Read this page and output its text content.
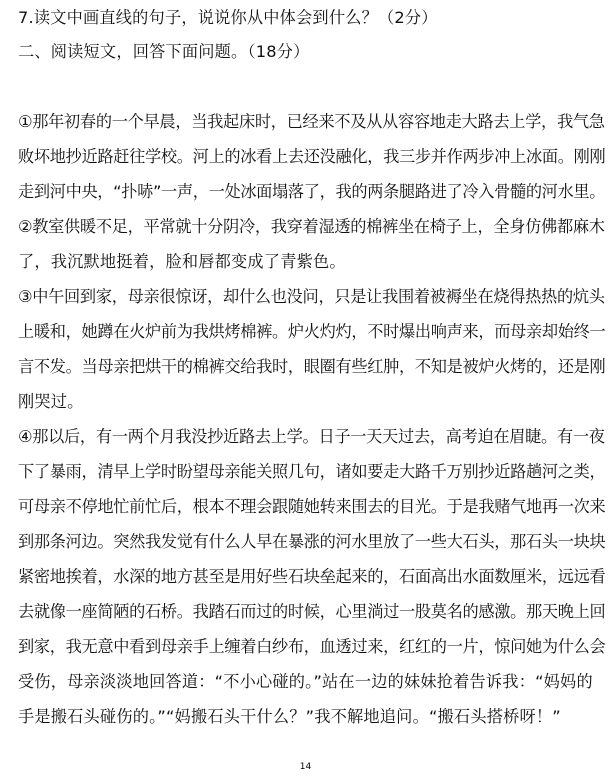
7.读文中画直线的句子，说说你从中体会到什么？（2分）
二、阅读短文，回答下面问题。（18分）
①那年初春的一个早晨，当我起床时，已经来不及从从容容地走大路去上学，我气急
败坏地抄近路赶往学校。河上的冰看上去还没融化，我三步并作两步冲上冰面。刚刚
走到河中央，“扑哧”一声，一处冰面塌落了，我的两条腿路进了冷入骨髓的河水里。
②教室供暖不足，平常就十分阴冷，我穿着湿透的棉裤坐在椅子上，全身仿佛都麻木
了，我沉默地挺着，脸和唇都变成了青紫色。
③中午回到家，母亲很惊讶，却什么也没问，只是让我围着被褥坐在烧得热热的炕头
上暖和，她蹲在火炉前为我烘烤棉裤。炉火灼灼，不时爆出响声来，而母亲却始终一
言不发。当母亲把烘干的棉裤交给我时，眼圈有些红肿，不知是被炉火烤的，还是刚
刚哭过。
④那以后，有一两个月我没抄近路去上学。日子一天天过去，高考迫在眉睫。有一夜
下了暴雨，清早上学时盼望母亲能关照几句，诸如要走大路千万别抄近路趟河之类，
可母亲不停地忙前忙后，根本不理会跟随她转来围去的目光。于是我赌气地再一次来
到那条河边。突然我发觉有什么人早在暴涨的河水里放了一些大石头，那石头一块块
紧密地挨着，水深的地方甚至是用好些石块垒起来的，石面高出水面数厘米，远远看
去就像一座简陋的石桥。我踏石而过的时候，心里淌过一股莫名的感激。那天晚上回
到家，我无意中看到母亲手上缠着白纱布，血透过来，红红的一片，惊问她为什么会
受伤，母亲淡淡地回答道：“不小心碰的。”站在一边的妹妹抢着告诉我：“妈妈的
手是搬石头碰伤的。”“妈搬石头干什么？”我不解地追问。“搬石头搭桥呀！”
14
